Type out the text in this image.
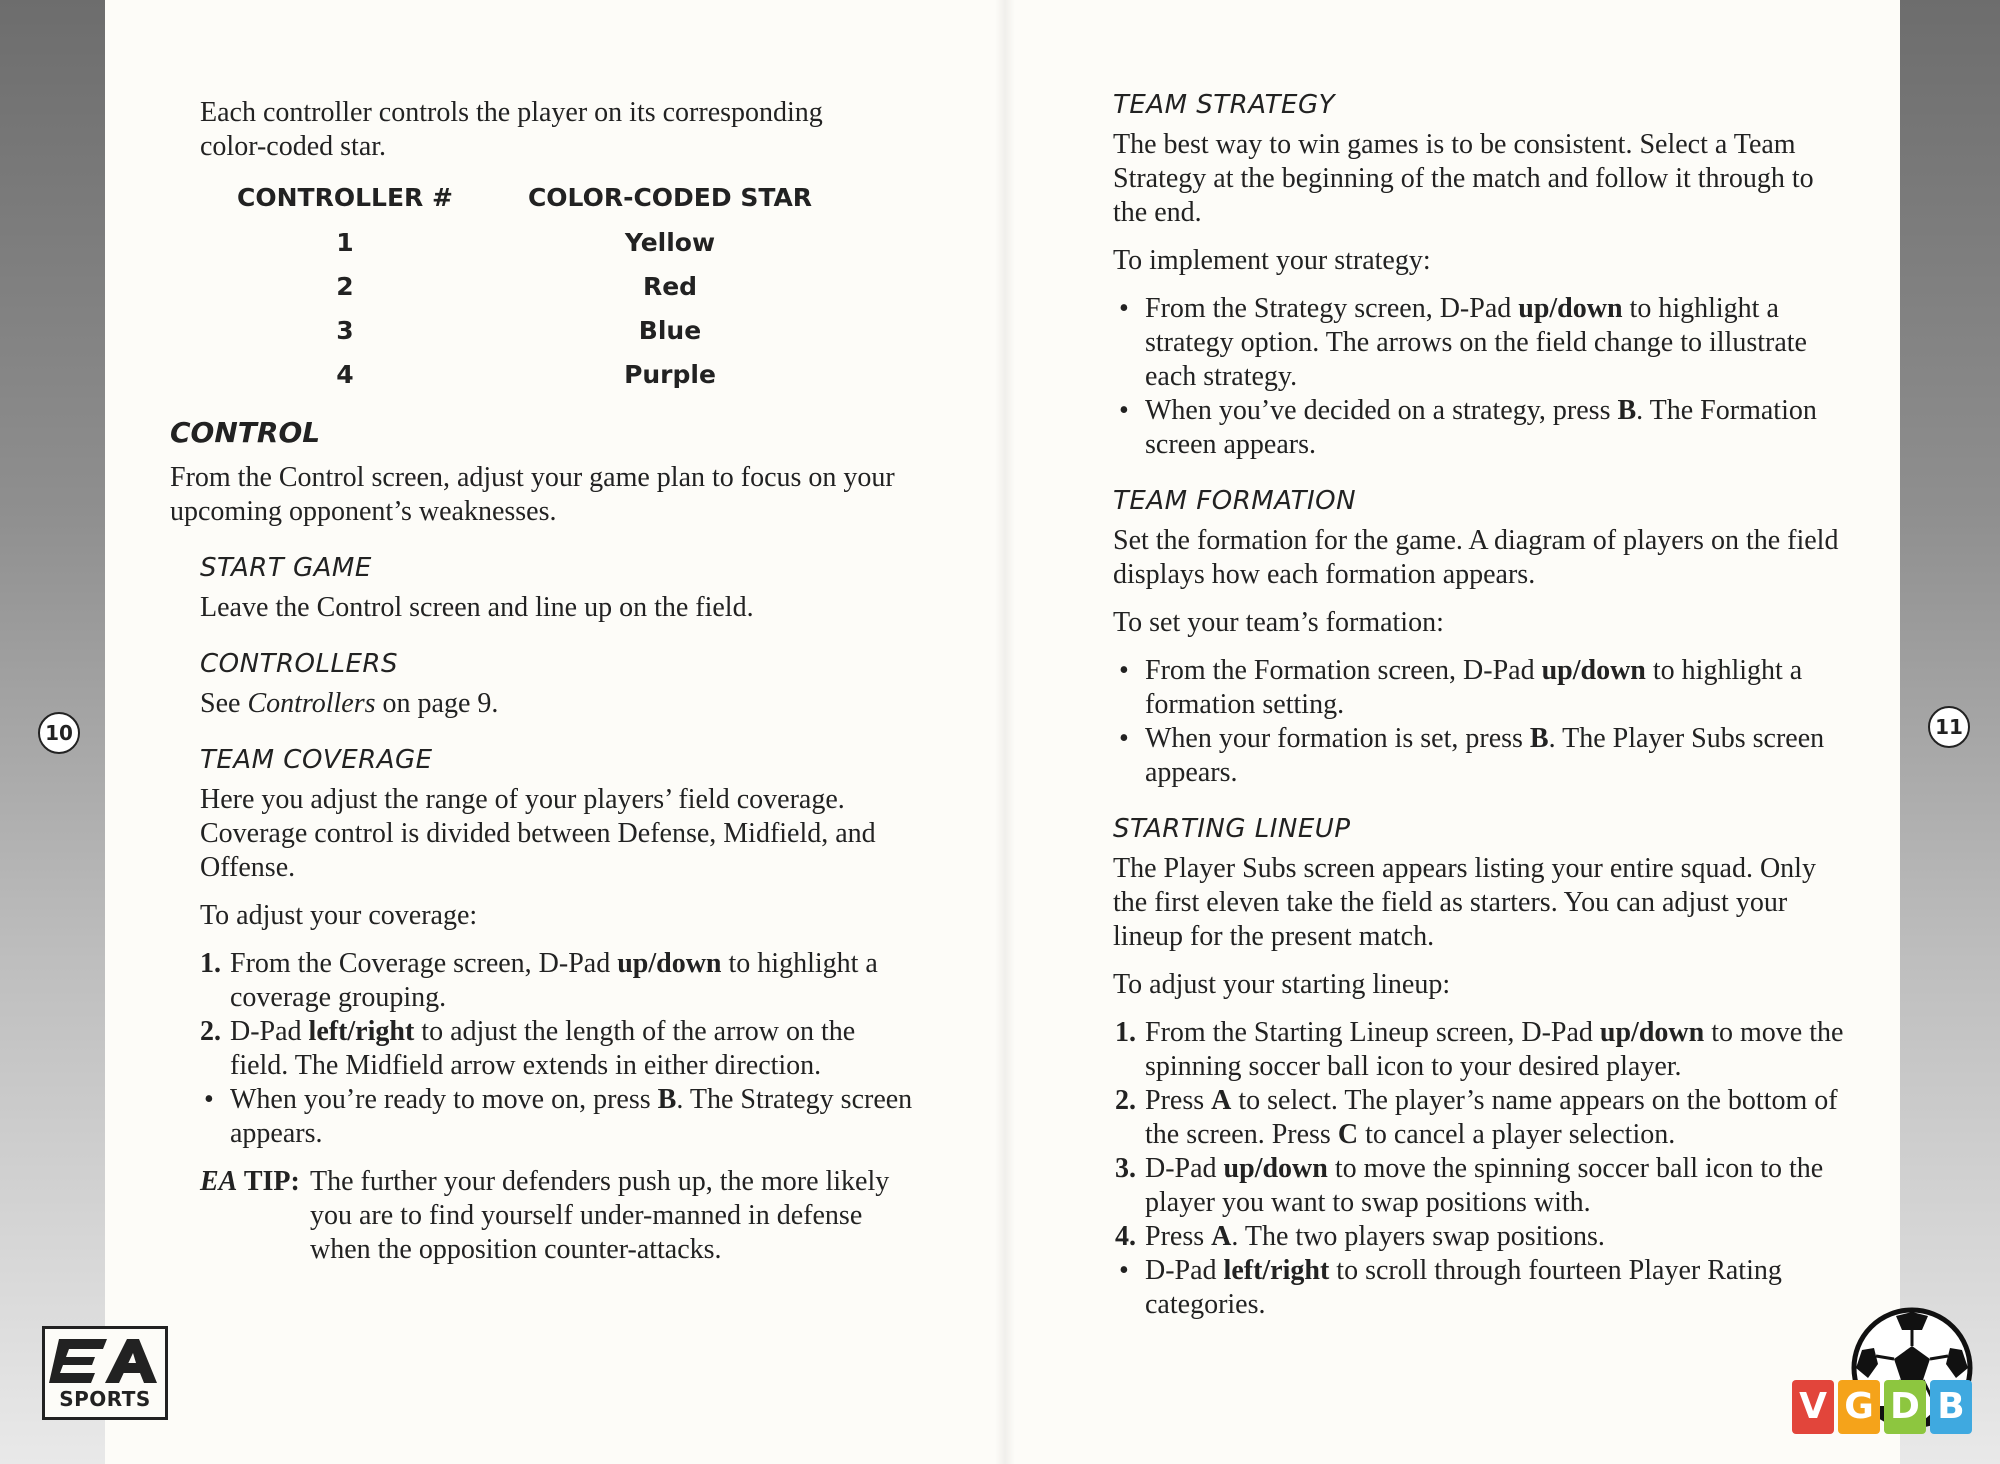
Each controller controls the player on its corresponding color-coded star.

CONTROLLER #	COLOR-CODED STAR
1	Yellow
2	Red
3	Blue
4	Purple
CONTROL

From the Control screen, adjust your game plan to focus on your upcoming opponent’s weaknesses.

START GAME

Leave the Control screen and line up on the field.

CONTROLLERS

See Controllers on page 9.

TEAM COVERAGE

Here you adjust the range of your players’ field coverage. Coverage control is divided between Defense, Midfield, and Offense.

To adjust your coverage:

1. From the Coverage screen, D-Pad up/down to highlight a coverage grouping.
2. D-Pad left/right to adjust the length of the arrow on the field. The Midfield arrow extends in either direction.
• When you’re ready to move on, press B. The Strategy screen appears.
EA TIP: The further your defenders push up, the more likely you are to find yourself under-manned in defense when the opposition counter-attacks.

TEAM STRATEGY

The best way to win games is to be consistent. Select a Team Strategy at the beginning of the match and follow it through to the end.

To implement your strategy:

• From the Strategy screen, D-Pad up/down to highlight a strategy option. The arrows on the field change to illustrate each strategy.
• When you’ve decided on a strategy, press B. The Formation screen appears.
TEAM FORMATION

Set the formation for the game. A diagram of players on the field displays how each formation appears.

To set your team’s formation:

• From the Formation screen, D-Pad up/down to highlight a formation setting.
• When your formation is set, press B. The Player Subs screen appears.
STARTING LINEUP

The Player Subs screen appears listing your entire squad. Only the first eleven take the field as starters. You can adjust your lineup for the present match.

To adjust your starting lineup:

1. From the Starting Lineup screen, D-Pad up/down to move the spinning soccer ball icon to your desired player.
2. Press A to select. The player’s name appears on the bottom of the screen. Press C to cancel a player selection.
3. D-Pad up/down to move the spinning soccer ball icon to the player you want to swap positions with.
4. Press A. The two players swap positions.
• D-Pad left/right to scroll through fourteen Player Rating categories.
10	11
SPORTS	V G D B
